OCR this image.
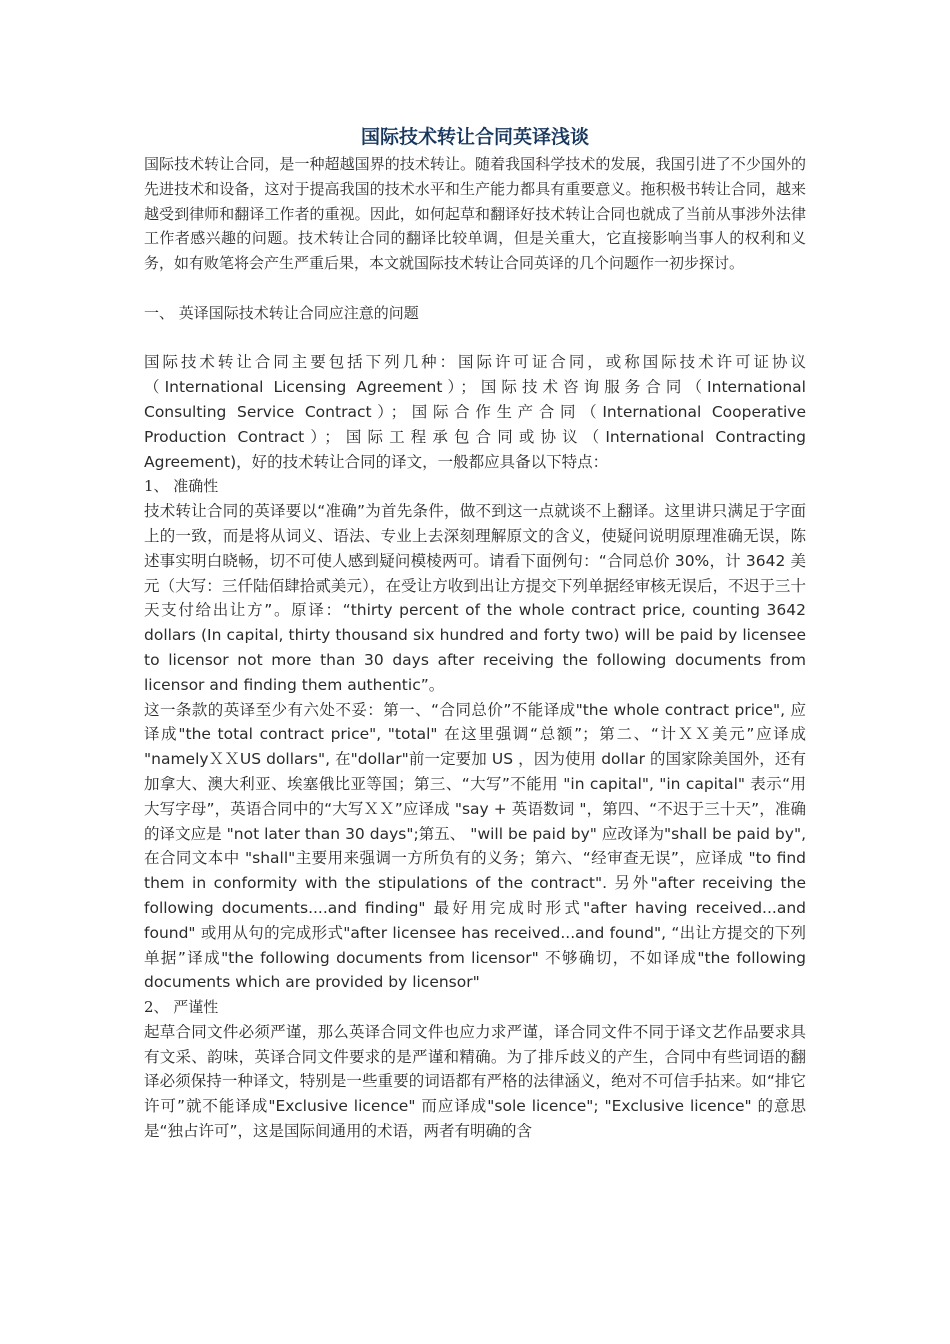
国际技术转让合同英译浅谈

国际技术转让合同，是一种超越国界的技术转让。随着我国科学技术的发展，我国引进了不少国外的先进技术和设备，这对于提高我国的技术水平和生产能力都具有重要意义。拖积极书转让合同，越来越受到律师和翻译工作者的重视。因此，如何起草和翻译好技术转让合同也就成了当前从事涉外法律工作者感兴趣的问题。技术转让合同的翻译比较单调，但是关重大，它直接影响当事人的权利和义务，如有败笔将会产生严重后果，本文就国际技术转让合同英译的几个问题作一初步探讨。

一、 英译国际技术转让合同应注意的问题

国际技术转让合同主要包括下列几种：国际许可证合同，或称国际技术许可证协议（International Licensing Agreement）；国际技术咨询服务合同（International Consulting Service Contract）；国际合作生产合同（International Cooperative Production Contract）；国际工程承包合同或协议（International Contracting Agreement)，好的技术转让合同的译文，一般都应具备以下特点：

1、 准确性

技术转让合同的英译要以“准确”为首先条件，做不到这一点就谈不上翻译。这里讲只满足于字面上的一致，而是将从词义、语法、专业上去深刻理解原文的含义，使疑问说明原理准确无误，陈述事实明白晓畅，切不可使人感到疑问模棱两可。请看下面例句：“合同总价 30%，计 3642 美元（大写：三仟陆佰肆拾贰美元），在受让方收到出让方提交下列单据经审核无误后，不迟于三十天支付给出让方”。原译：“thirty percent of the whole contract price, counting 3642 dollars (In capital, thirty thousand six hundred and forty two) will be paid by licensee to licensor not more than 30 days after receiving the following documents from licensor and finding them authentic”。

这一条款的英译至少有六处不妥：第一、“合同总价”不能译成"the whole contract price", 应译成"the total contract price", "total" 在这里强调“总额”；第二、“计ＸＸ美元”应译成 "namelyＸＸUS dollars", 在"dollar"前一定要加 US ，因为使用 dollar 的国家除美国外，还有加拿大、澳大利亚、埃塞俄比亚等国；第三、“大写”不能用 "in capital", "in capital" 表示“用大写字母”，英语合同中的“大写ＸＸ”应译成 "say + 英语数词 "，第四、“不迟于三十天”，准确的译文应是 "not later than 30 days";第五、 "will be paid by" 应改译为"shall be paid by",在合同文本中 "shall"主要用来强调一方所负有的义务；第六、“经审查无误”，应译成 "to find them in conformity with the stipulations of the contract". 另外"after receiving the following documents....and finding" 最好用完成时形式"after having received...and found" 或用从句的完成形式"after licensee has received...and found", “出让方提交的下列单据”译成"the following documents from licensor" 不够确切，不如译成"the following documents which are provided by licensor"

2、 严谨性

起草合同文件必须严谨，那么英译合同文件也应力求严谨，译合同文件不同于译文艺作品要求具有文采、韵味，英译合同文件要求的是严谨和精确。为了排斥歧义的产生，合同中有些词语的翻译必须保持一种译文，特别是一些重要的词语都有严格的法律涵义，绝对不可信手拈来。如“排它许可”就不能译成"Exclusive licence" 而应译成"sole licence"; "Exclusive licence" 的意思是“独占许可”，这是国际间通用的术语，两者有明确的含
